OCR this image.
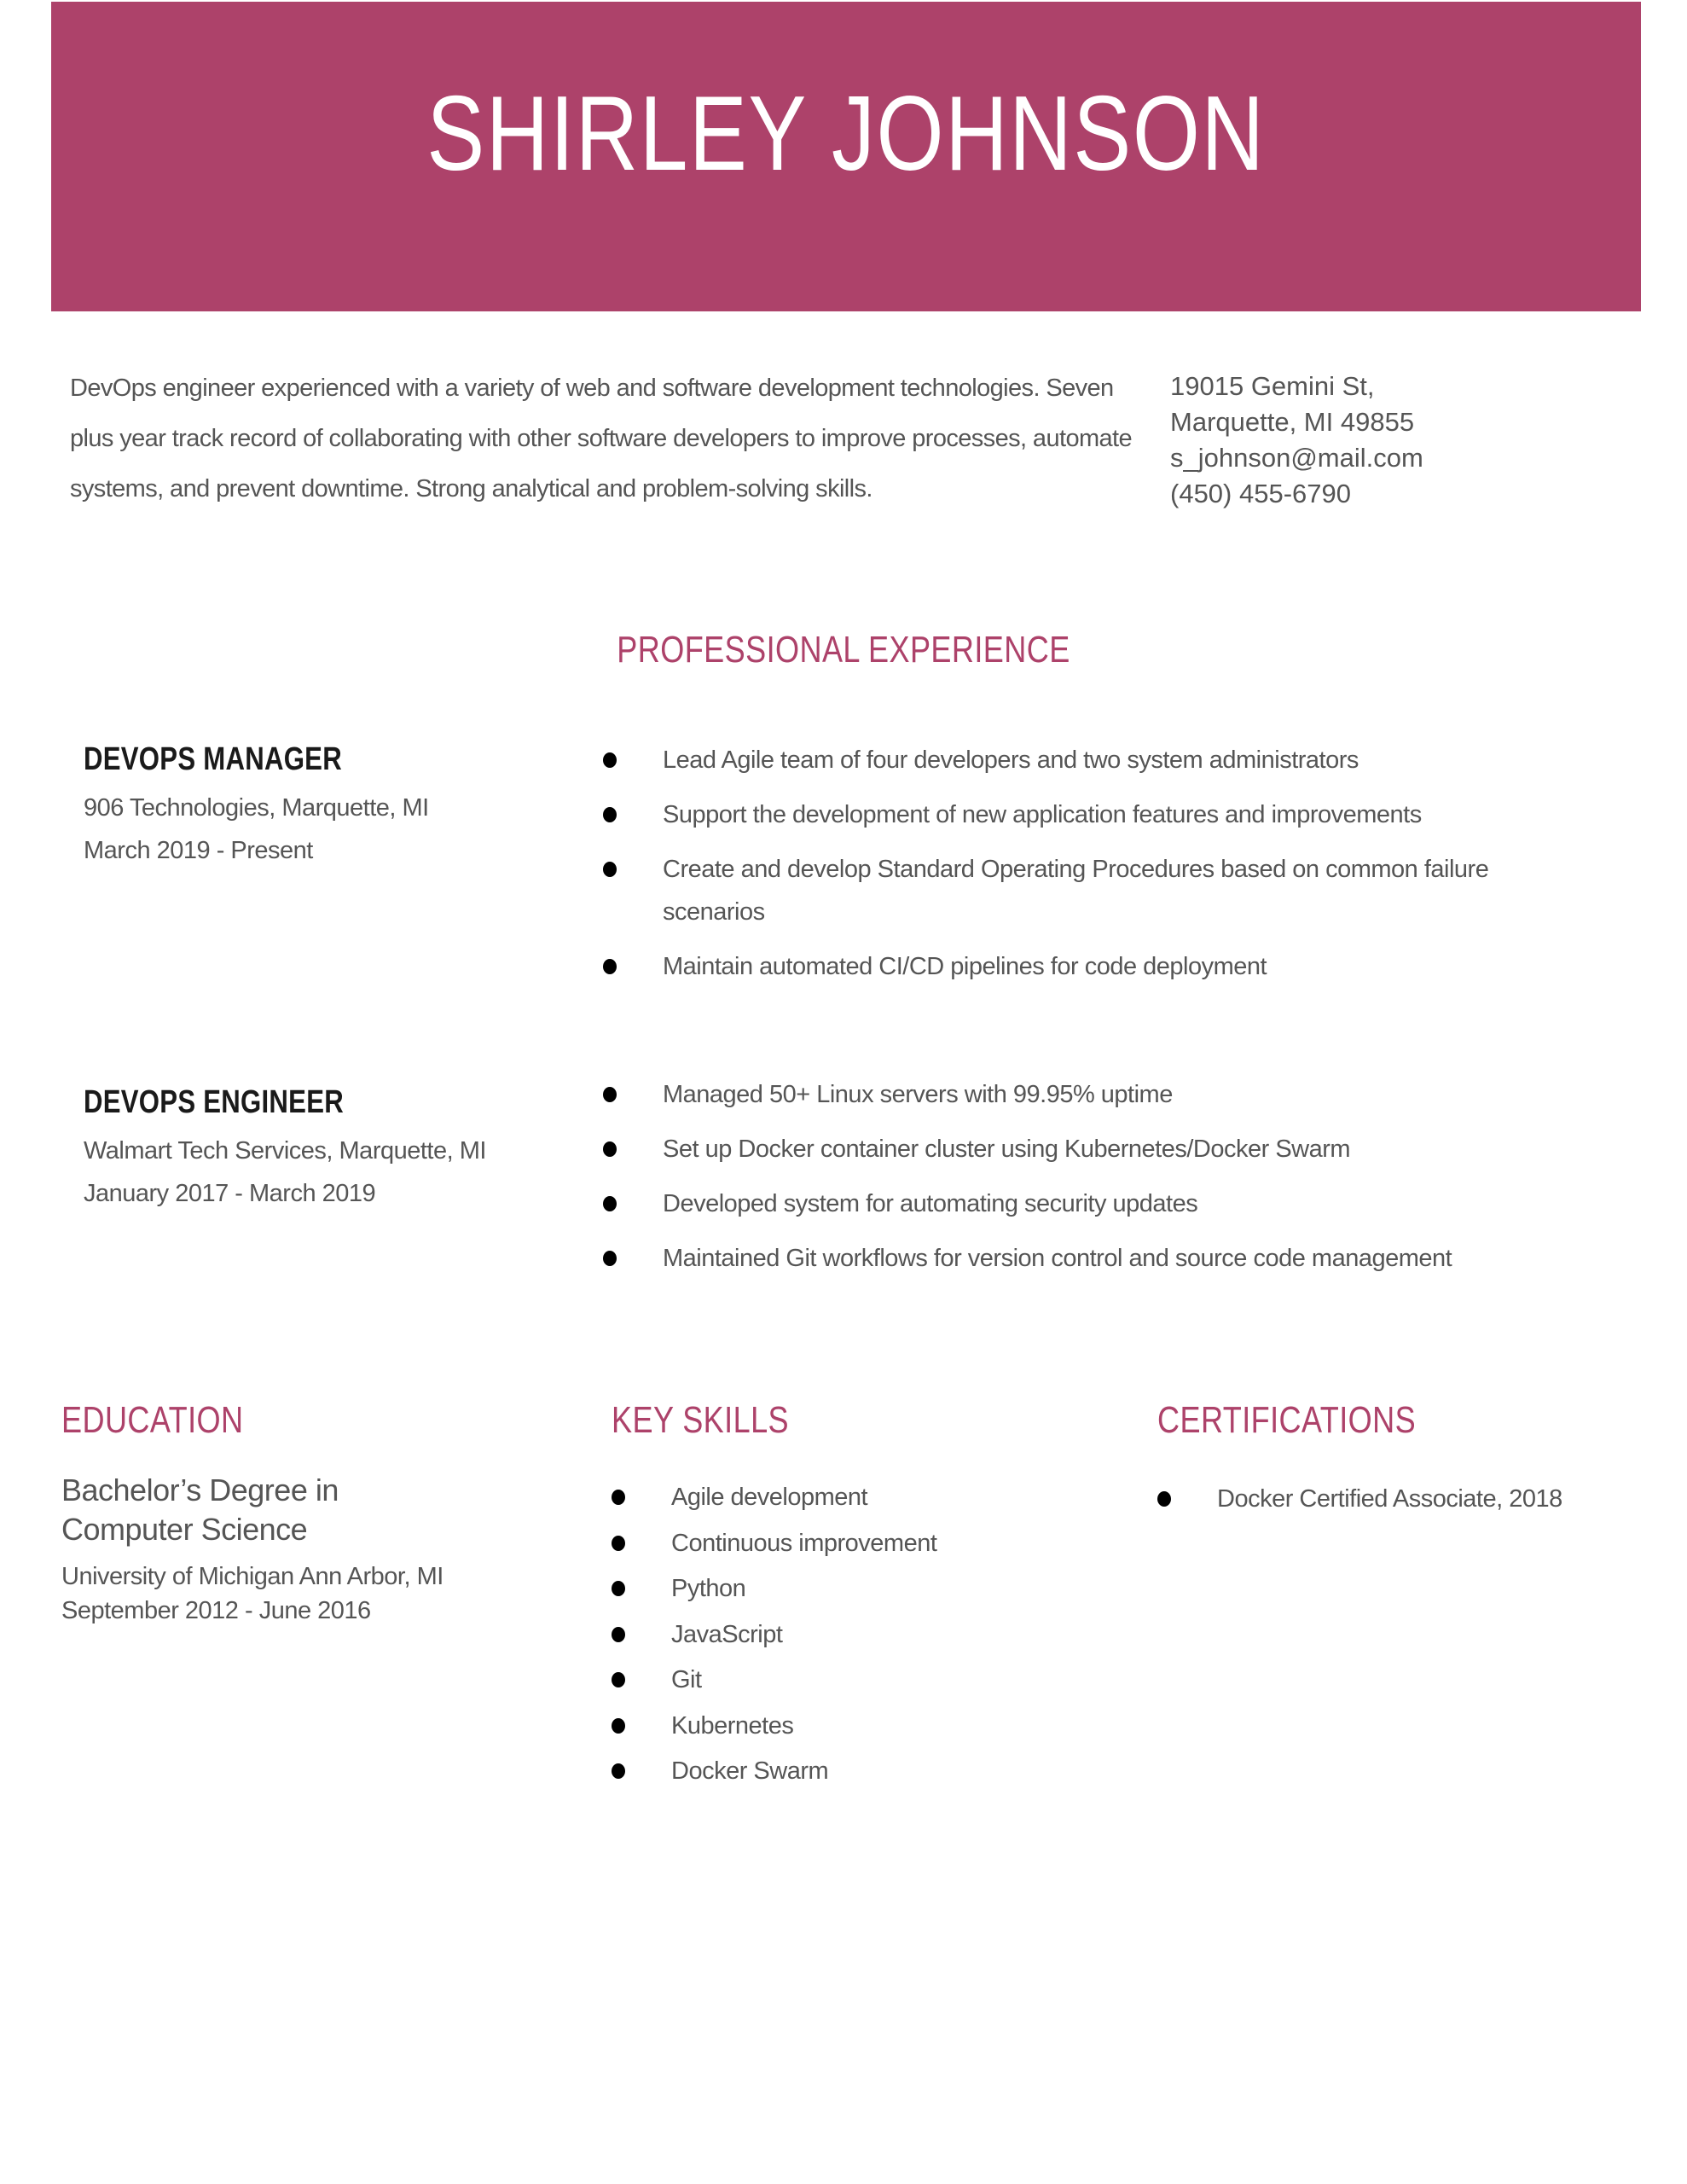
SHIRLEY JOHNSON
DevOps engineer experienced with a variety of web and software development technologies. Seven plus year track record of collaborating with other software developers to improve processes, automate systems, and prevent downtime. Strong analytical and problem-solving skills.
19015 Gemini St,
Marquette, MI 49855
s_johnson@mail.com
(450) 455-6790
PROFESSIONAL EXPERIENCE
DEVOPS MANAGER
906 Technologies, Marquette, MI
March 2019 - Present
Lead Agile team of four developers and two system administrators
Support the development of new application features and improvements
Create and develop Standard Operating Procedures based on common failure scenarios
Maintain automated CI/CD pipelines for code deployment
DEVOPS ENGINEER
Walmart Tech Services, Marquette, MI
January 2017 - March 2019
Managed 50+ Linux servers with 99.95% uptime
Set up Docker container cluster using Kubernetes/Docker Swarm
Developed system for automating security updates
Maintained Git workflows for version control and source code management
EDUCATION	KEY SKILLS	CERTIFICATIONS
Bachelor’s Degree in
Computer Science
University of Michigan Ann Arbor, MI
September 2012 - June 2016
Agile development
Continuous improvement
Python
JavaScript
Git
Kubernetes
Docker Swarm
Docker Certified Associate, 2018
